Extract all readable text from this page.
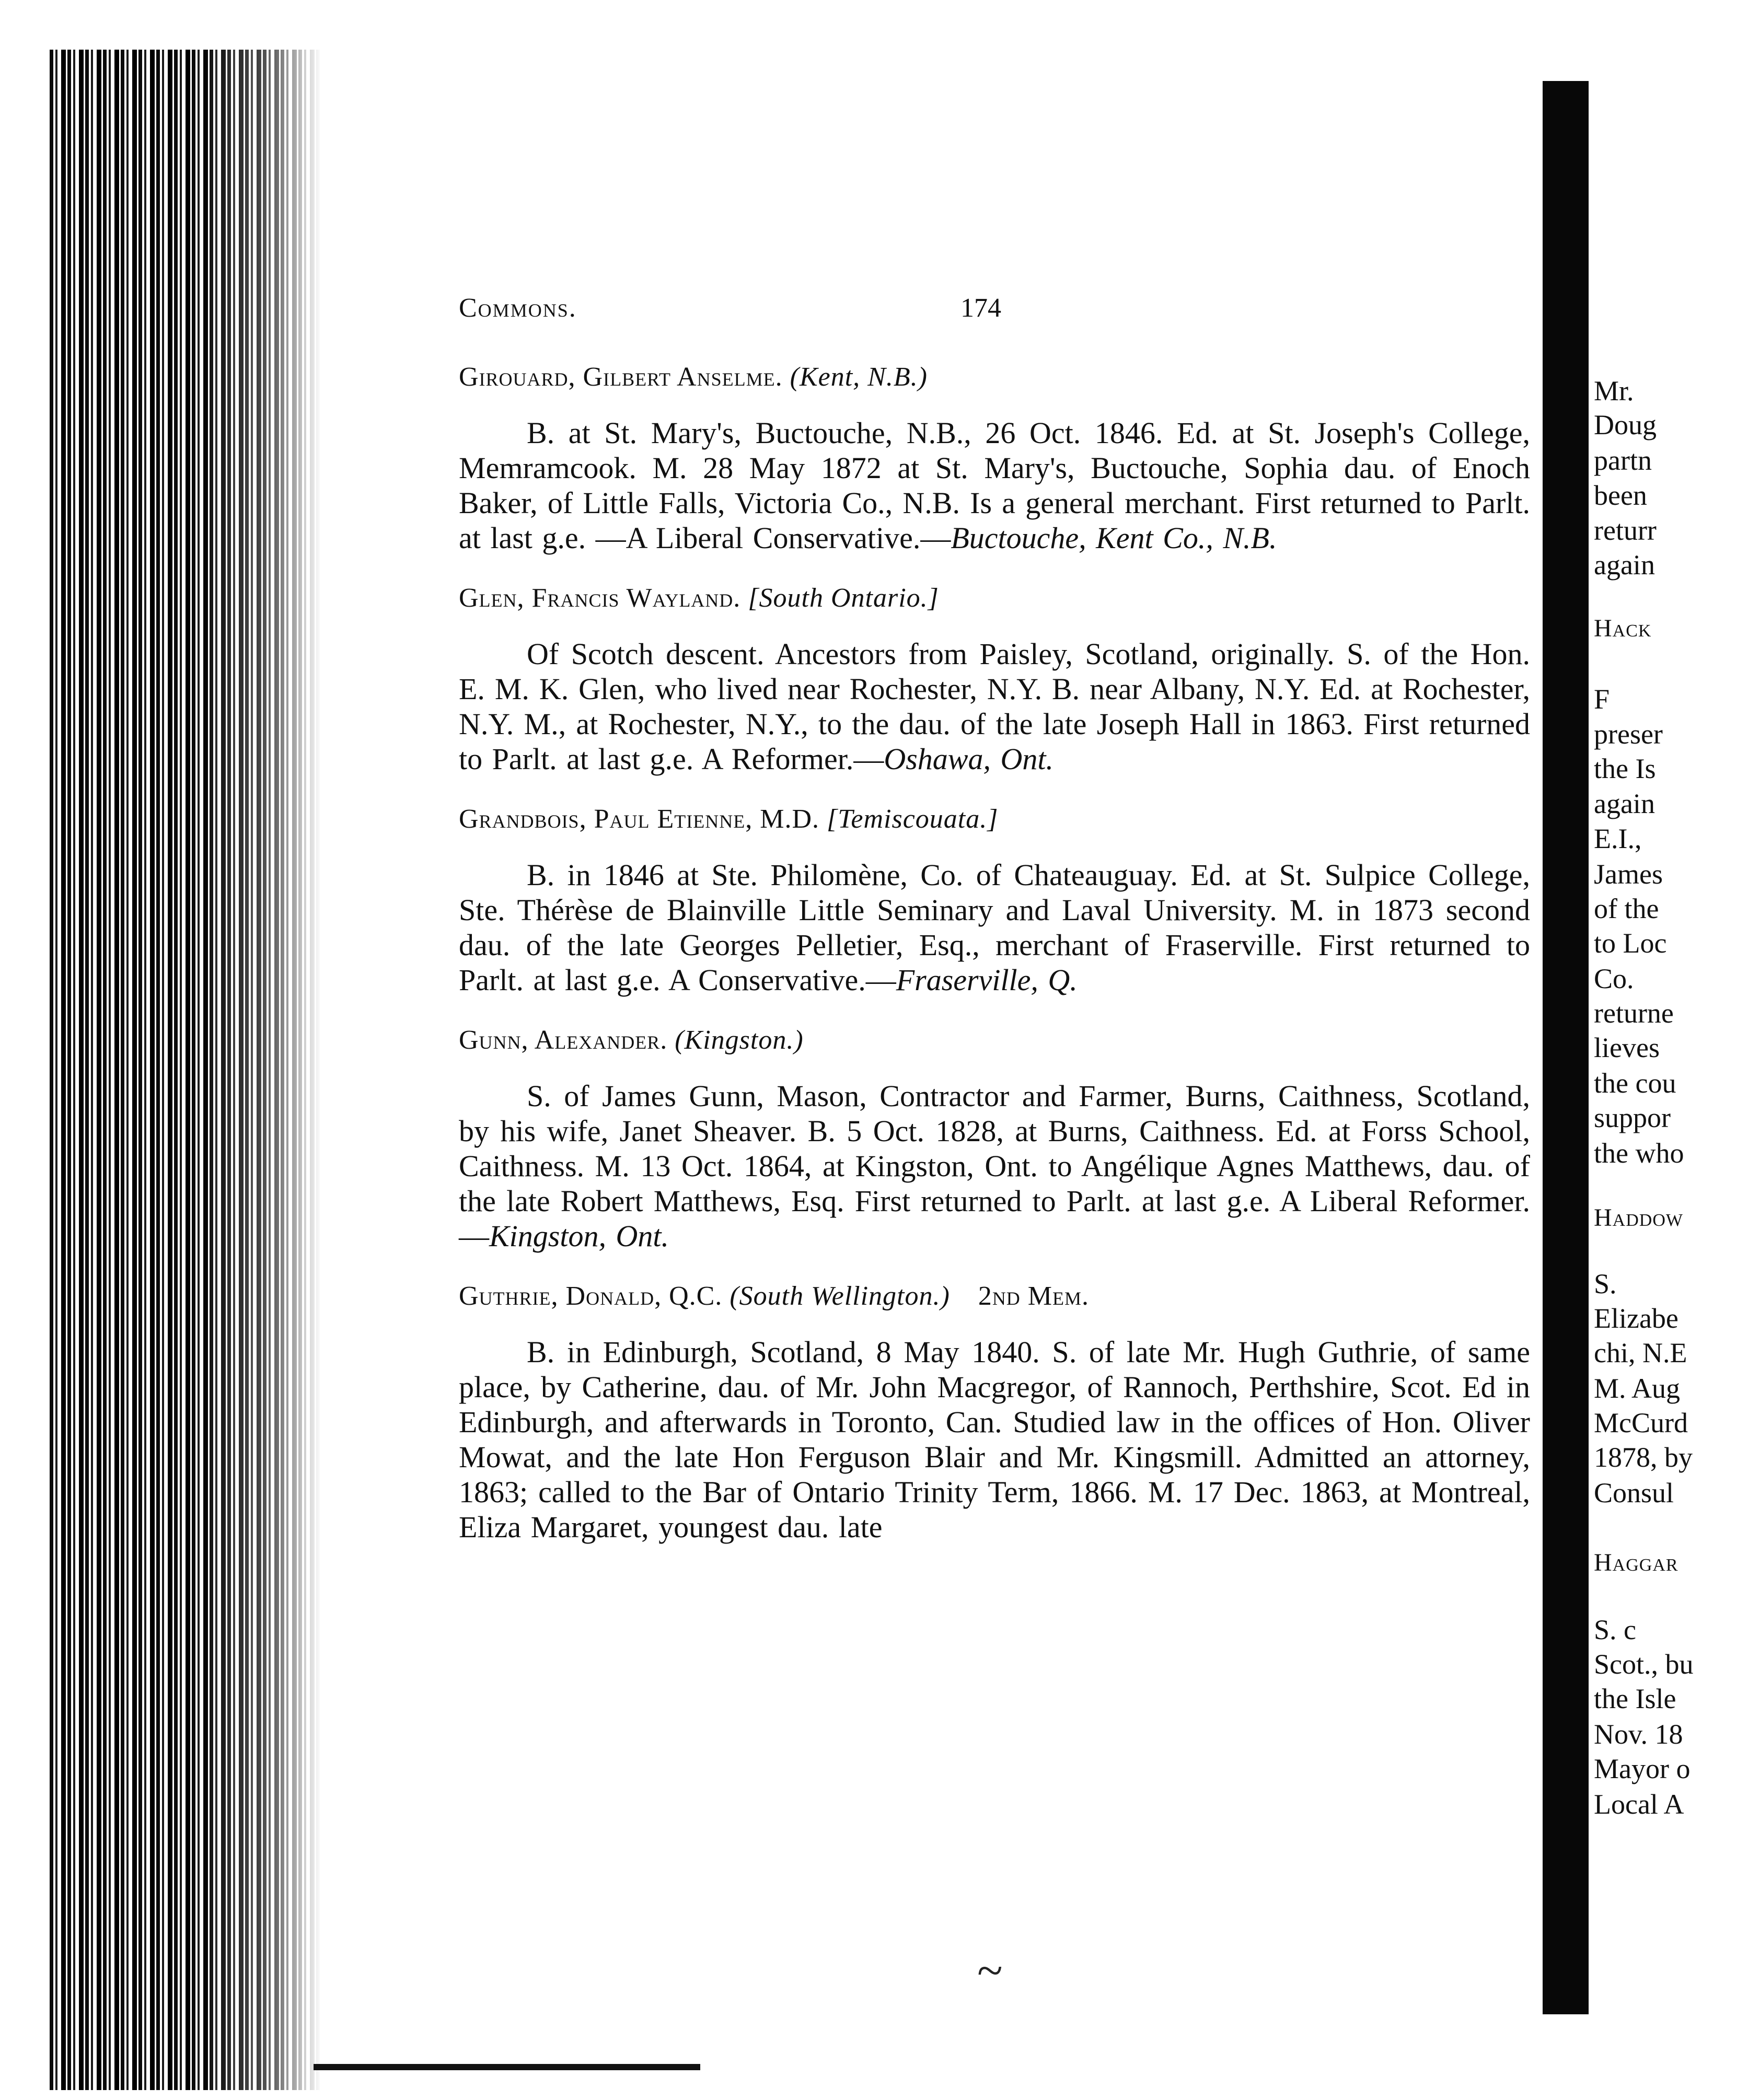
Commons.	174
Girouard, Gilbert Anselme. (Kent, N.B.)
B. at St. Mary's, Buctouche, N.B., 26 Oct. 1846. Ed. at St. Joseph's College, Memramcook. M. 28 May 1872 at St. Mary's, Buctouche, Sophia dau. of Enoch Baker, of Little Falls, Victoria Co., N.B. Is a general merchant. First returned to Parlt. at last g.e. —A Liberal Conservative.—Buctouche, Kent Co., N.B.
Glen, Francis Wayland. [South Ontario.]
Of Scotch descent. Ancestors from Paisley, Scotland, originally. S. of the Hon. E. M. K. Glen, who lived near Rochester, N.Y. B. near Albany, N.Y. Ed. at Rochester, N.Y. M., at Rochester, N.Y., to the dau. of the late Joseph Hall in 1863. First returned to Parlt. at last g.e. A Reformer.—Oshawa, Ont.
Grandbois, Paul Etienne, M.D. [Temiscouata.]
B. in 1846 at Ste. Philomène, Co. of Chateauguay. Ed. at St. Sulpice College, Ste. Thérèse de Blainville Little Seminary and Laval University. M. in 1873 second dau. of the late Georges Pelletier, Esq., merchant of Fraserville. First returned to Parlt. at last g.e. A Conservative.—Fraserville, Q.
Gunn, Alexander. (Kingston.)
S. of James Gunn, Mason, Contractor and Farmer, Burns, Caithness, Scotland, by his wife, Janet Sheaver. B. 5 Oct. 1828, at Burns, Caithness. Ed. at Forss School, Caithness. M. 13 Oct. 1864, at Kingston, Ont. to Angélique Agnes Matthews, dau. of the late Robert Matthews, Esq. First returned to Parlt. at last g.e. A Liberal Reformer.—Kingston, Ont.
Guthrie, Donald, Q.C. (South Wellington.) 2nd Mem.
B. in Edinburgh, Scotland, 8 May 1840. S. of late Mr. Hugh Guthrie, of same place, by Catherine, dau. of Mr. John Macgregor, of Rannoch, Perthshire, Scot. Ed in Edinburgh, and afterwards in Toronto, Can. Studied law in the offices of Hon. Oliver Mowat, and the late Hon Ferguson Blair and Mr. Kingsmill. Admitted an attorney, 1863; called to the Bar of Ontario Trinity Term, 1866. M. 17 Dec. 1863, at Montreal, Eliza Margaret, youngest dau. late
Mr.
Doug
partn
been
returr
again
Hack
F
preser
the Is
again
E.I.,
James
of the
to Loc
Co.
returne
lieves
the cou
suppor
the who
Haddow
S.
Elizabe
chi, N.E
M. Aug
McCurd
1878, by
Consul
Haggar
S. c
Scot., bu
the Isle
Nov. 18
Mayor o
Local A
~
